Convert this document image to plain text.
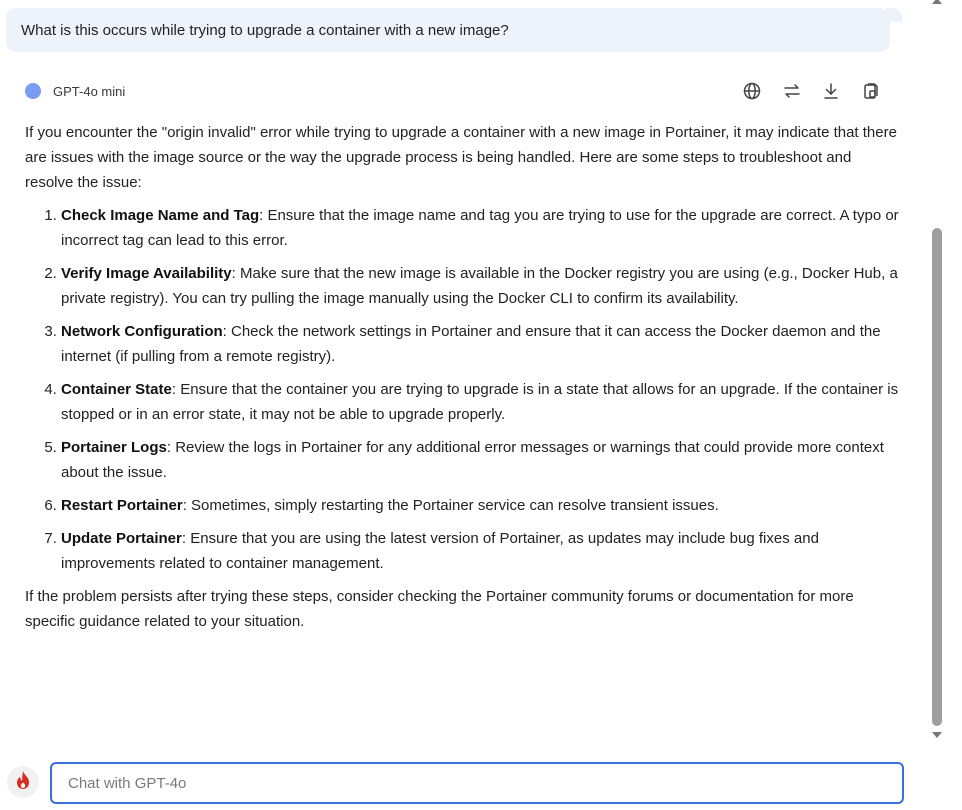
What is this occurs while trying to upgrade a container with a new image?
GPT-4o mini

If you encounter the "origin invalid" error while trying to upgrade a container with a new image in Portainer, it may indicate that there are issues with the image source or the way the upgrade process is being handled. Here are some steps to troubleshoot and resolve the issue:

1. Check Image Name and Tag: Ensure that the image name and tag you are trying to use for the upgrade are correct. A typo or incorrect tag can lead to this error.
2. Verify Image Availability: Make sure that the new image is available in the Docker registry you are using (e.g., Docker Hub, a private registry). You can try pulling the image manually using the Docker CLI to confirm its availability.
3. Network Configuration: Check the network settings in Portainer and ensure that it can access the Docker daemon and the internet (if pulling from a remote registry).
4. Container State: Ensure that the container you are trying to upgrade is in a state that allows for an upgrade. If the container is stopped or in an error state, it may not be able to upgrade properly.
5. Portainer Logs: Review the logs in Portainer for any additional error messages or warnings that could provide more context about the issue.
6. Restart Portainer: Sometimes, simply restarting the Portainer service can resolve transient issues.
7. Update Portainer: Ensure that you are using the latest version of Portainer, as updates may include bug fixes and improvements related to container management.

If the problem persists after trying these steps, consider checking the Portainer community forums or documentation for more specific guidance related to your situation.

Chat with GPT-4o
